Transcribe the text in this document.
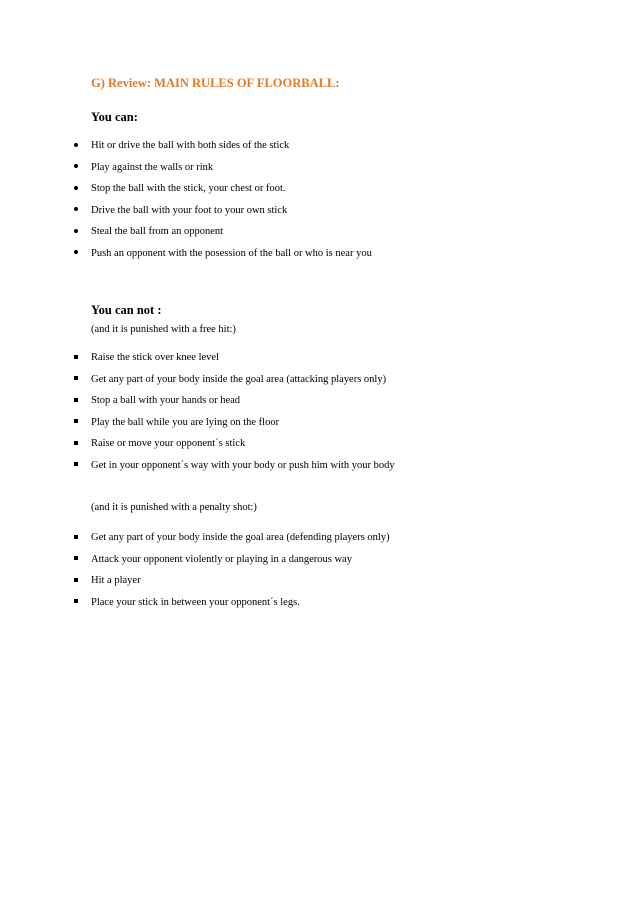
G) Review: MAIN RULES OF FLOORBALL:
You can:
Hit or drive the ball with both sides of the stick
Play against the walls or rink
Stop the ball with the stick, your chest or foot.
Drive the ball with your foot to your own stick
Steal the ball from an opponent
Push an opponent with the posession of the ball or who is near you
You can not :
(and it is punished with a free hit:)
Raise the stick over knee level
Get any part of your body inside the goal area (attacking players only)
Stop a ball with your hands or head
Play the ball while you are lying on the floor
Raise or move your opponent´s stick
Get in your opponent´s way with your body or push him with your body
(and it is punished with a penalty shot:)
Get any part of your body inside the goal area (defending players only)
Attack your opponent violently or playing in a dangerous way
Hit a player
Place your stick in between your opponent´s legs.
